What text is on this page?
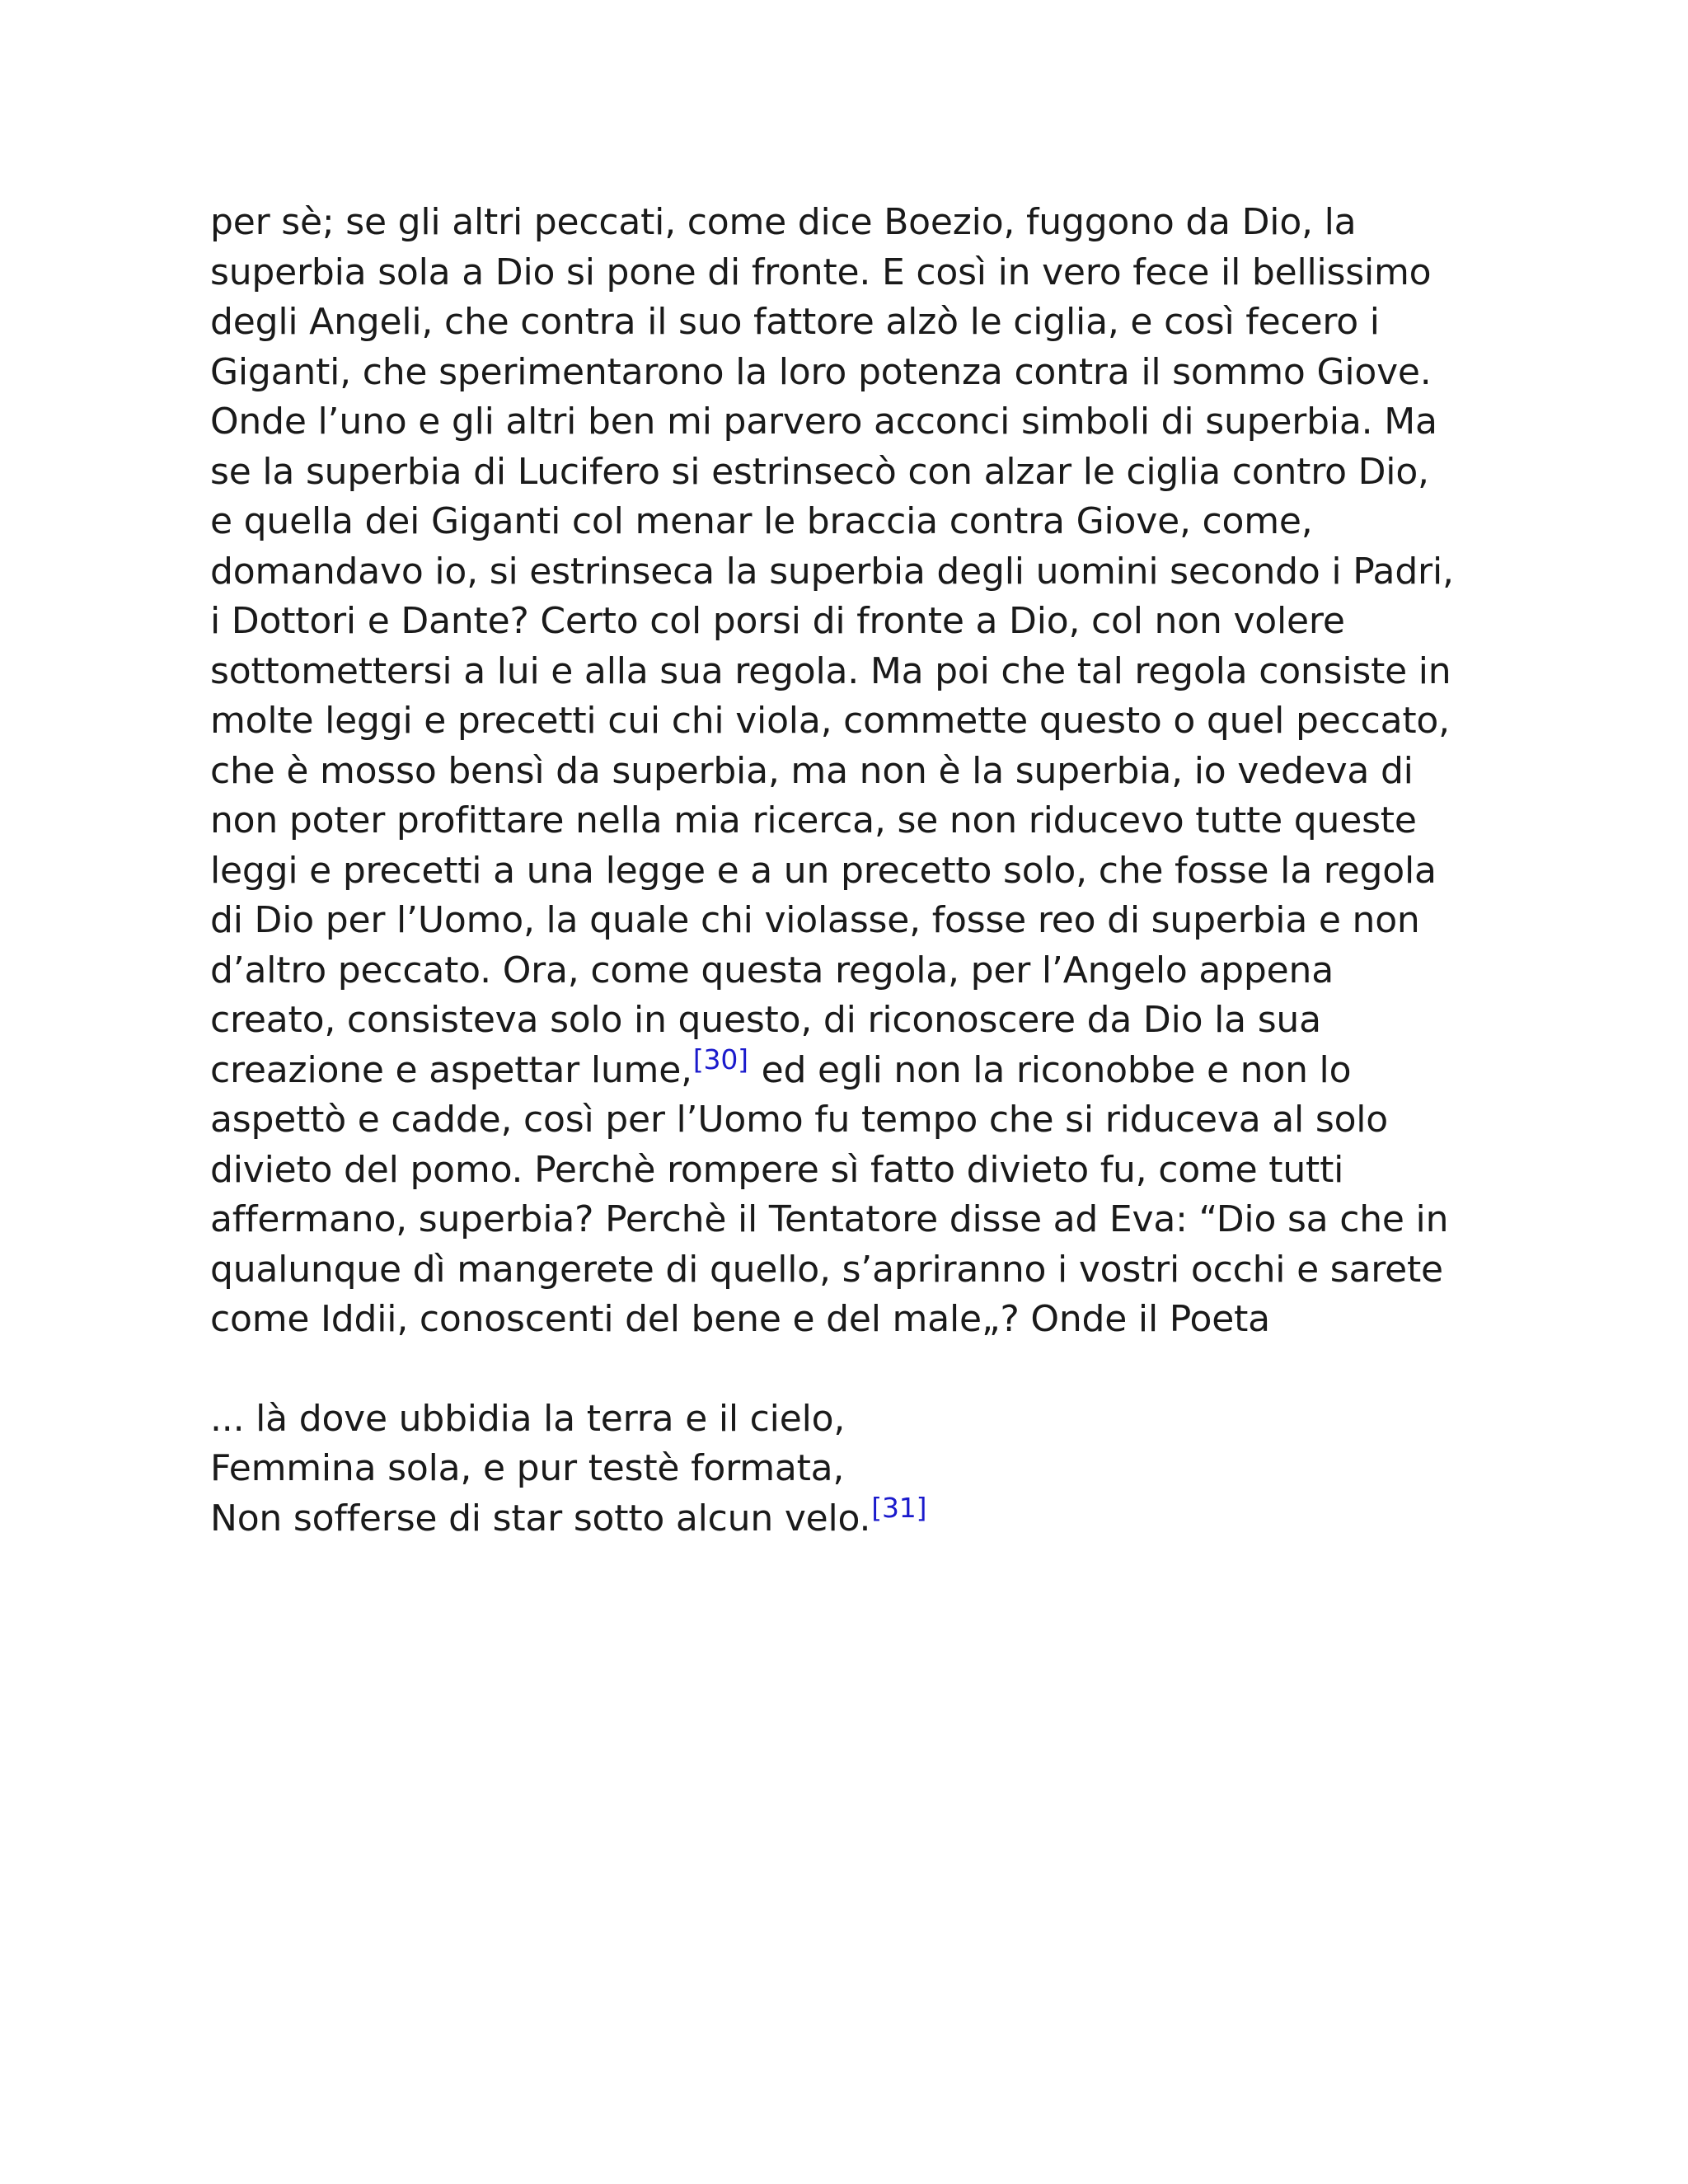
per sè; se gli altri peccati, come dice Boezio, fuggono da Dio, la
superbia sola a Dio si pone di fronte. E così in vero fece il bellissimo
degli Angeli, che contra il suo fattore alzò le ciglia, e così fecero i
Giganti, che sperimentarono la loro potenza contra il sommo Giove.
Onde l’uno e gli altri ben mi parvero acconci simboli di superbia. Ma
se la superbia di Lucifero si estrinsecò con alzar le ciglia contro Dio,
e quella dei Giganti col menar le braccia contra Giove, come,
domandavo io, si estrinseca la superbia degli uomini secondo i Padri,
i Dottori e Dante? Certo col porsi di fronte a Dio, col non volere
sottomettersi a lui e alla sua regola. Ma poi che tal regola consiste in
molte leggi e precetti cui chi viola, commette questo o quel peccato,
che è mosso bensì da superbia, ma non è la superbia, io vedeva di
non poter profittare nella mia ricerca, se non riducevo tutte queste
leggi e precetti a una legge e a un precetto solo, che fosse la regola
di Dio per l’Uomo, la quale chi violasse, fosse reo di superbia e non
d’altro peccato. Ora, come questa regola, per l’Angelo appena
creato, consisteva solo in questo, di riconoscere da Dio la sua
creazione e aspettar lume,[30] ed egli non la riconobbe e non lo
aspettò e cadde, così per l’Uomo fu tempo che si riduceva al solo
divieto del pomo. Perchè rompere sì fatto divieto fu, come tutti
affermano, superbia? Perchè il Tentatore disse ad Eva: “Dio sa che in
qualunque dì mangerete di quello, s’apriranno i vostri occhi e sarete
come Iddii, conoscenti del bene e del male„? Onde il Poeta
... là dove ubbidia la terra e il cielo,
Femmina sola, e pur testè formata,
Non sofferse di star sotto alcun velo.[31]
